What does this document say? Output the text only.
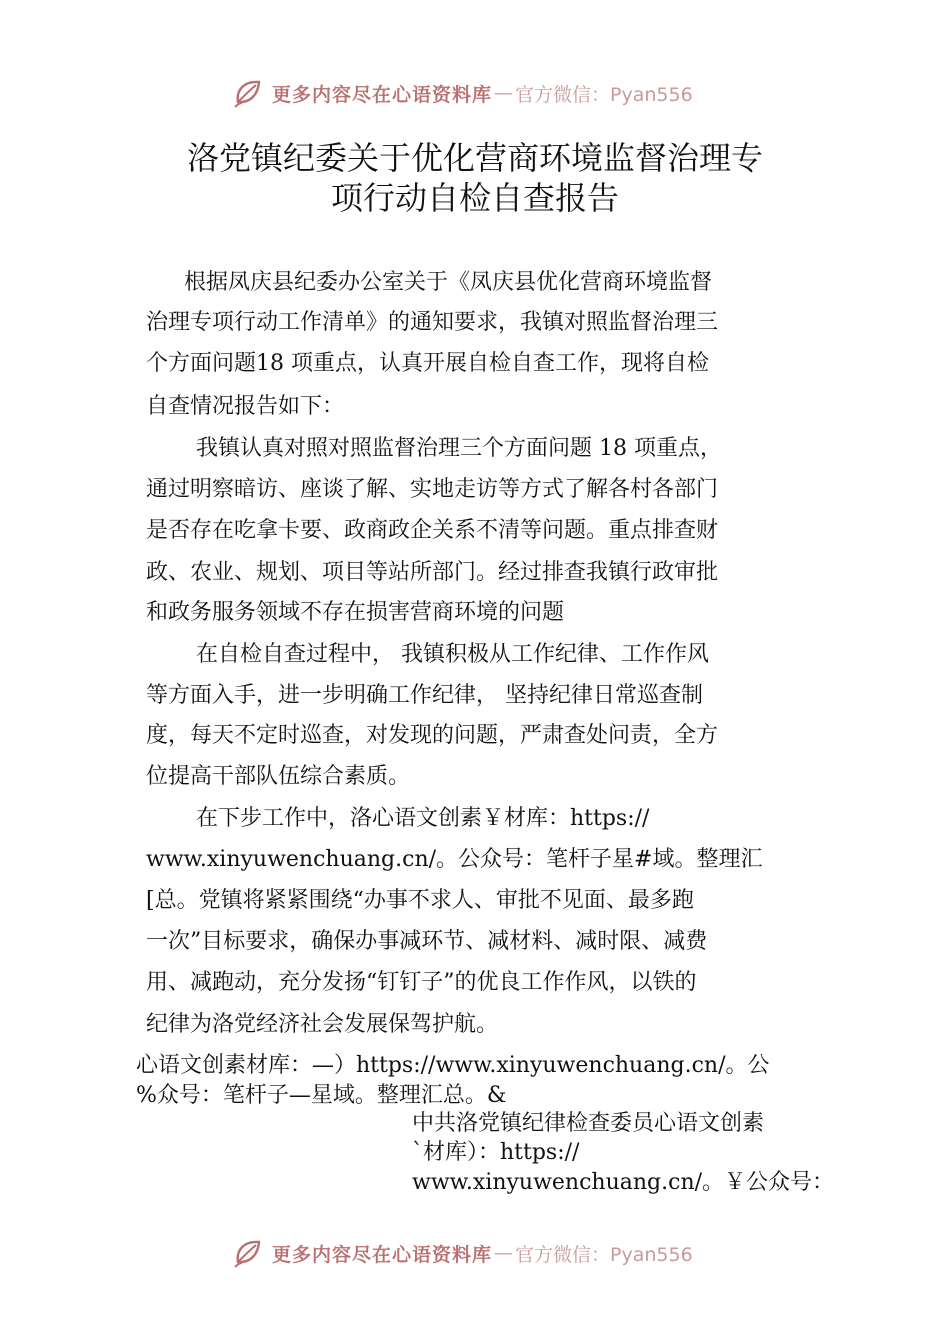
更多内容尽在心语资料库 — 官方微信：Pyan556
洛党镇纪委关于优化营商环境监督治理专
项行动自检自查报告
根据凤庆县纪委办公室关于《凤庆县优化营商环境监督
治理专项行动工作清单》的通知要求，我镇对照监督治理三
个方面问题18 项重点，认真开展自检自查工作，现将自检
自查情况报告如下：
我镇认真对照对照监督治理三个方面问题 18 项重点，
通过明察暗访、座谈了解、实地走访等方式了解各村各部门
是否存在吃拿卡要、政商政企关系不清等问题。重点排查财
政、农业、规划、项目等站所部门。经过排查我镇行政审批
和政务服务领域不存在损害营商环境的问题
在自检自查过程中， 我镇积极从工作纪律、工作作风
等方面入手，进一步明确工作纪律， 坚持纪律日常巡查制
度，每天不定时巡查，对发现的问题，严肃查处问责，全方
位提高干部队伍综合素质。
在下步工作中，洛心语文创素￥材库：https://
www.xinyuwenchuang.cn/。公众号：笔杆子星#域。整理汇
[总。党镇将紧紧围绕“办事不求人、审批不见面、最多跑
一次”目标要求，确保办事减环节、减材料、减时限、减费
用、减跑动，充分发扬“钉钉子”的优良工作作风，以铁的
纪律为洛党经济社会发展保驾护航。
心语文创素材库：—）https://www.xinyuwenchuang.cn/。公
%众号：笔杆子—星域。整理汇总。&
中共洛党镇纪律检查委员心语文创素
`材库）：https://
www.xinyuwenchuang.cn/。￥公众号：
更多内容尽在心语资料库 — 官方微信：Pyan556
